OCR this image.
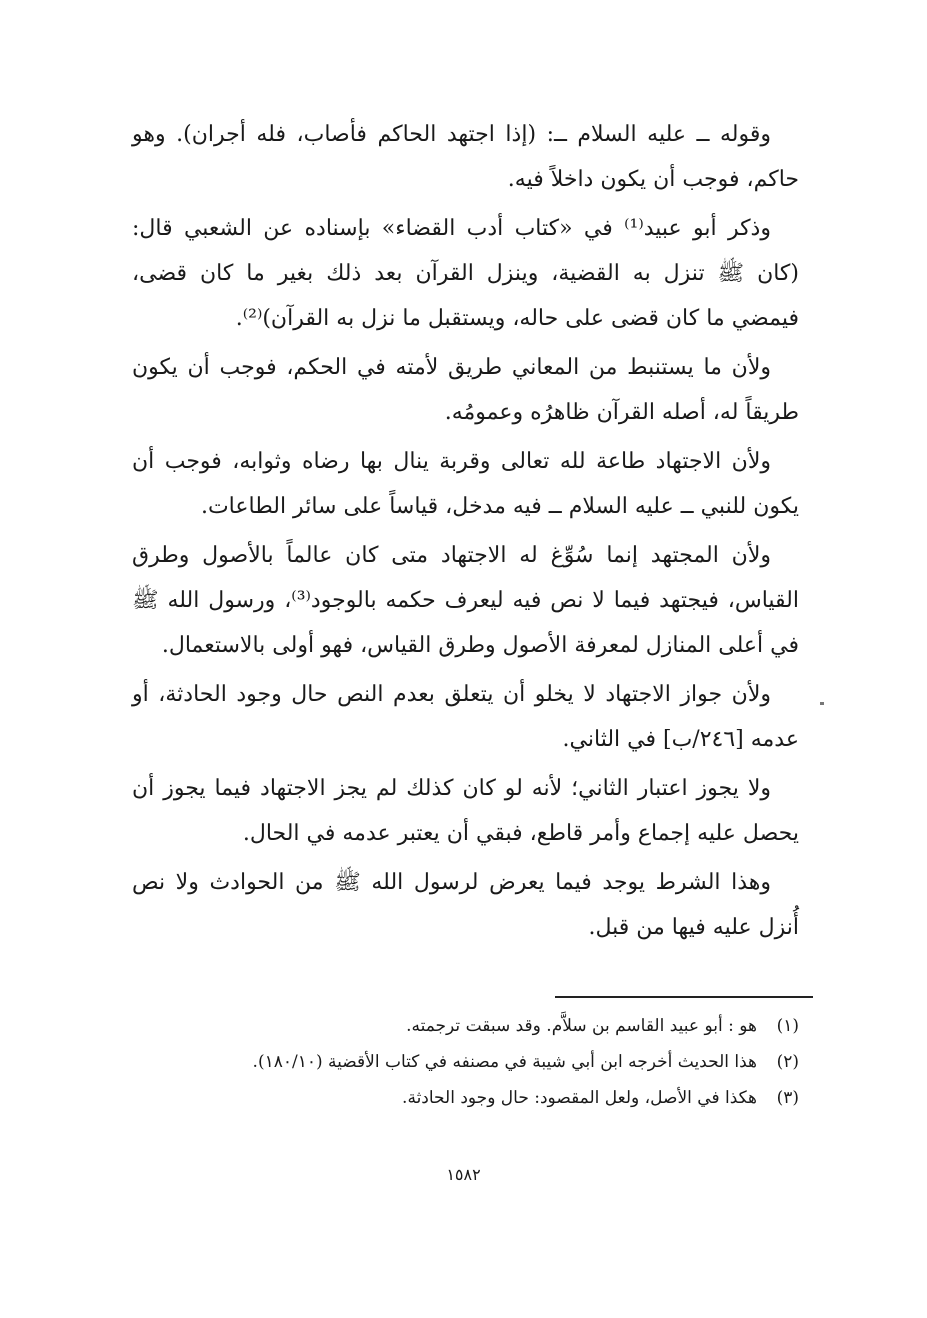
وقوله ــ عليه السلام ــ: (إذا اجتهد الحاكم فأصاب، فله أجران). وهو حاكم، فوجب أن يكون داخلاً فيه.

وذكر أبو عبيد⁽¹⁾ في «كتاب أدب القضاء» بإسناده عن الشعبي قال: (كان ﷺ تنزل به القضية، وينزل القرآن بعد ذلك بغير ما كان قضى، فيمضي ما كان قضى على حاله، ويستقبل ما نزل به القرآن)⁽²⁾.

ولأن ما يستنبط من المعاني طريق لأمته في الحكم، فوجب أن يكون طريقاً له، أصله القرآن ظاهرُه وعمومُه.

ولأن الاجتهاد طاعة لله تعالى وقربة ينال بها رضاه وثوابه، فوجب أن يكون للنبي ــ عليه السلام ــ فيه مدخل، قياساً على سائر الطاعات.

ولأن المجتهد إنما سُوِّغ له الاجتهاد متى كان عالماً بالأصول وطرق القياس، فيجتهد فيما لا نص فيه ليعرف حكمه بالوجود⁽³⁾، ورسول الله ﷺ في أعلى المنازل لمعرفة الأصول وطرق القياس، فهو أولى بالاستعمال.

ولأن جواز الاجتهاد لا يخلو أن يتعلق بعدم النص حال وجود الحادثة، أو عدمه [٢٤٦/ب] في الثاني.

ولا يجوز اعتبار الثاني؛ لأنه لو كان كذلك لم يجز الاجتهاد فيما يجوز أن يحصل عليه إجماع وأمر قاطع، فبقي أن يعتبر عدمه في الحال.

وهذا الشرط يوجد فيما يعرض لرسول الله ﷺ من الحوادث ولا نص أُنزل عليه فيها من قبل.

(١)
هو : أبو عبيد القاسم بن سلاَّم. وقد سبقت ترجمته.
(٢)
هذا الحديث أخرجه ابن أبي شيبة في مصنفه في كتاب الأقضية (١٨٠/١٠).
(٣)
هكذا في الأصل، ولعل المقصود: حال وجود الحادثة.
١٥٨٢
